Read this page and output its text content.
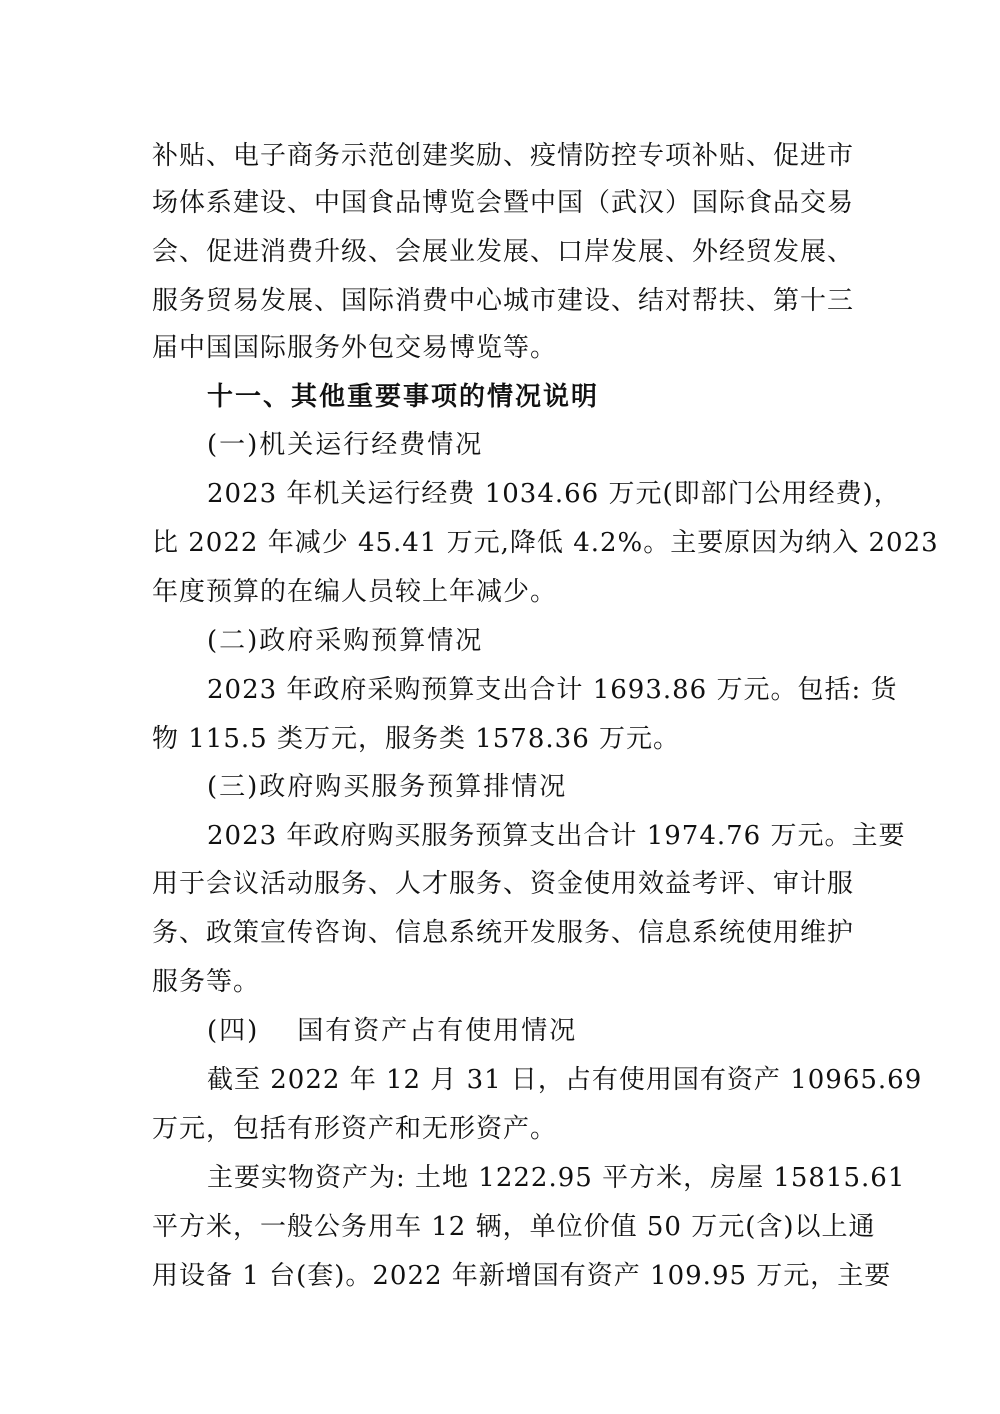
补贴、电子商务示范创建奖励、疫情防控专项补贴、促进市
场体系建设、中国食品博览会暨中国（武汉）国际食品交易
会、促进消费升级、会展业发展、口岸发展、外经贸发展、
服务贸易发展、国际消费中心城市建设、结对帮扶、第十三
届中国国际服务外包交易博览等。
十一、其他重要事项的情况说明
(一)机关运行经费情况
2023 年机关运行经费 1034.66 万元(即部门公用经费)，
比 2022 年减少 45.41 万元,降低 4.2%。主要原因为纳入 2023
年度预算的在编人员较上年减少。
(二)政府采购预算情况
2023 年政府采购预算支出合计 1693.86 万元。包括: 货
物 115.5 类万元，服务类 1578.36 万元。
(三)政府购买服务预算排情况
2023 年政府购买服务预算支出合计 1974.76 万元。主要
用于会议活动服务、人才服务、资金使用效益考评、审计服
务、政策宣传咨询、信息系统开发服务、信息系统使用维护
服务等。
(四) 国有资产占有使用情况
截至 2022 年 12 月 31 日，占有使用国有资产 10965.69
万元，包括有形资产和无形资产。
主要实物资产为: 土地 1222.95 平方米，房屋 15815.61
平方米，一般公务用车 12 辆，单位价值 50 万元(含)以上通
用设备 1 台(套)。2022 年新增国有资产 109.95 万元，主要
